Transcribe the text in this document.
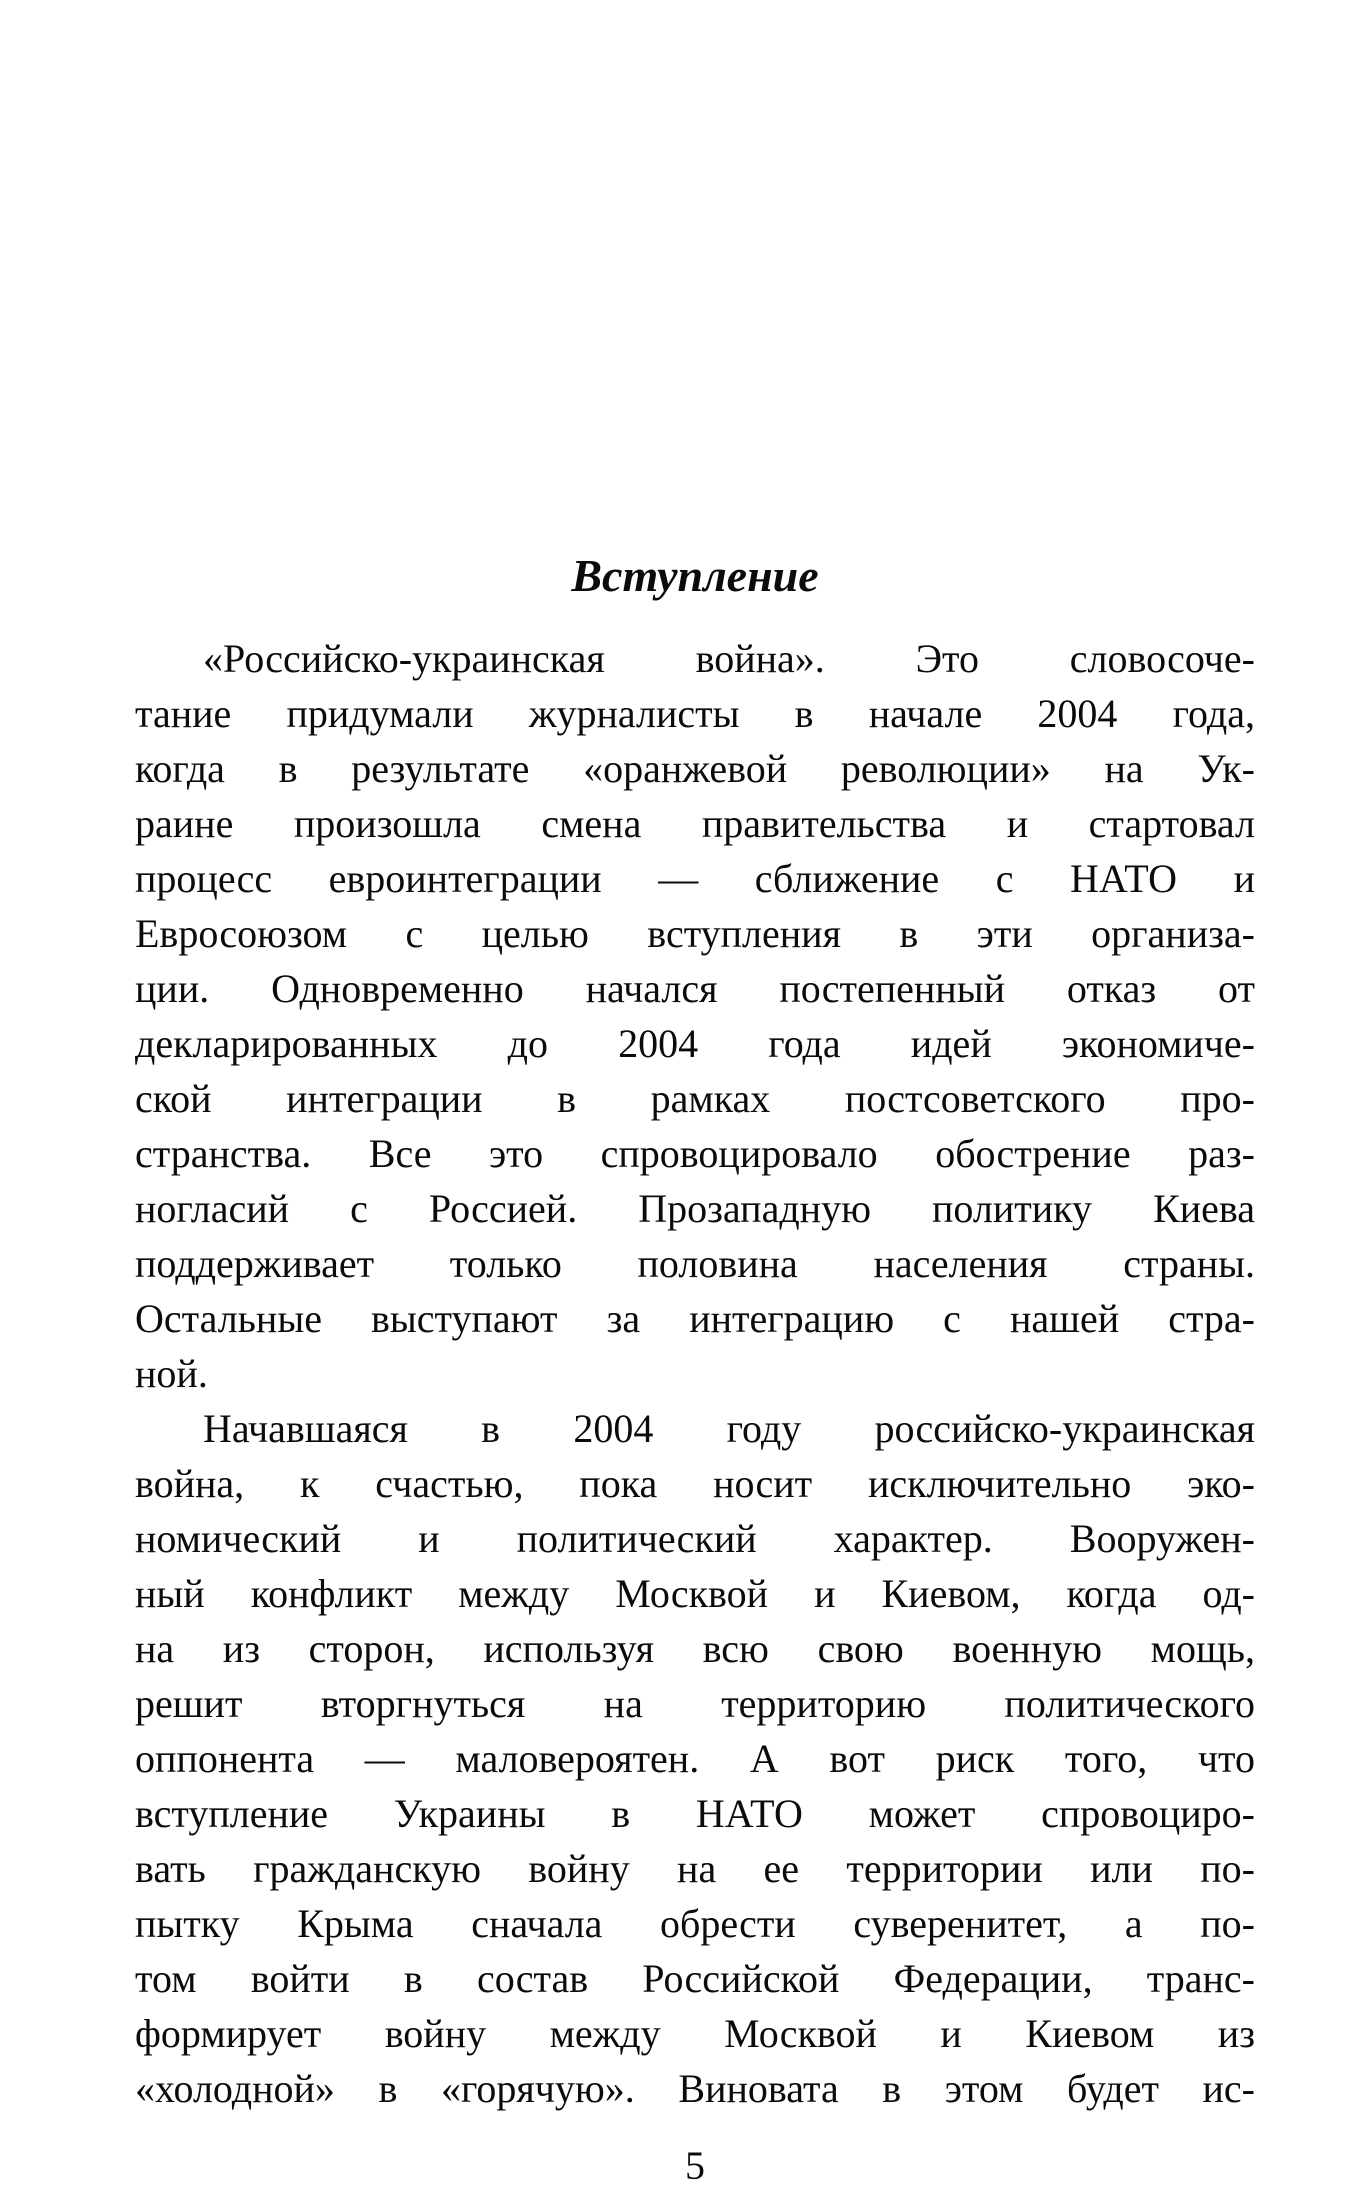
Вступление
«Российско-украинская война». Это словосоче-
тание придумали журналисты в начале 2004 года,
когда в результате «оранжевой революции» на Ук-
раине произошла смена правительства и стартовал
процесс евроинтеграции — сближение с НАТО и
Евросоюзом с целью вступления в эти организа-
ции. Одновременно начался постепенный отказ от
декларированных до 2004 года идей экономиче-
ской интеграции в рамках постсоветского про-
странства. Все это спровоцировало обострение раз-
ногласий с Россией. Прозападную политику Киева
поддерживает только половина населения страны.
Остальные выступают за интеграцию с нашей стра-
ной.
Начавшаяся в 2004 году российско-украинская
война, к счастью, пока носит исключительно эко-
номический и политический характер. Вооружен-
ный конфликт между Москвой и Киевом, когда од-
на из сторон, используя всю свою военную мощь,
решит вторгнуться на территорию политического
оппонента — маловероятен. А вот риск того, что
вступление Украины в НАТО может спровоциро-
вать гражданскую войну на ее территории или по-
пытку Крыма сначала обрести суверенитет, а по-
том войти в состав Российской Федерации, транс-
формирует войну между Москвой и Киевом из
«холодной» в «горячую». Виновата в этом будет ис-
5
